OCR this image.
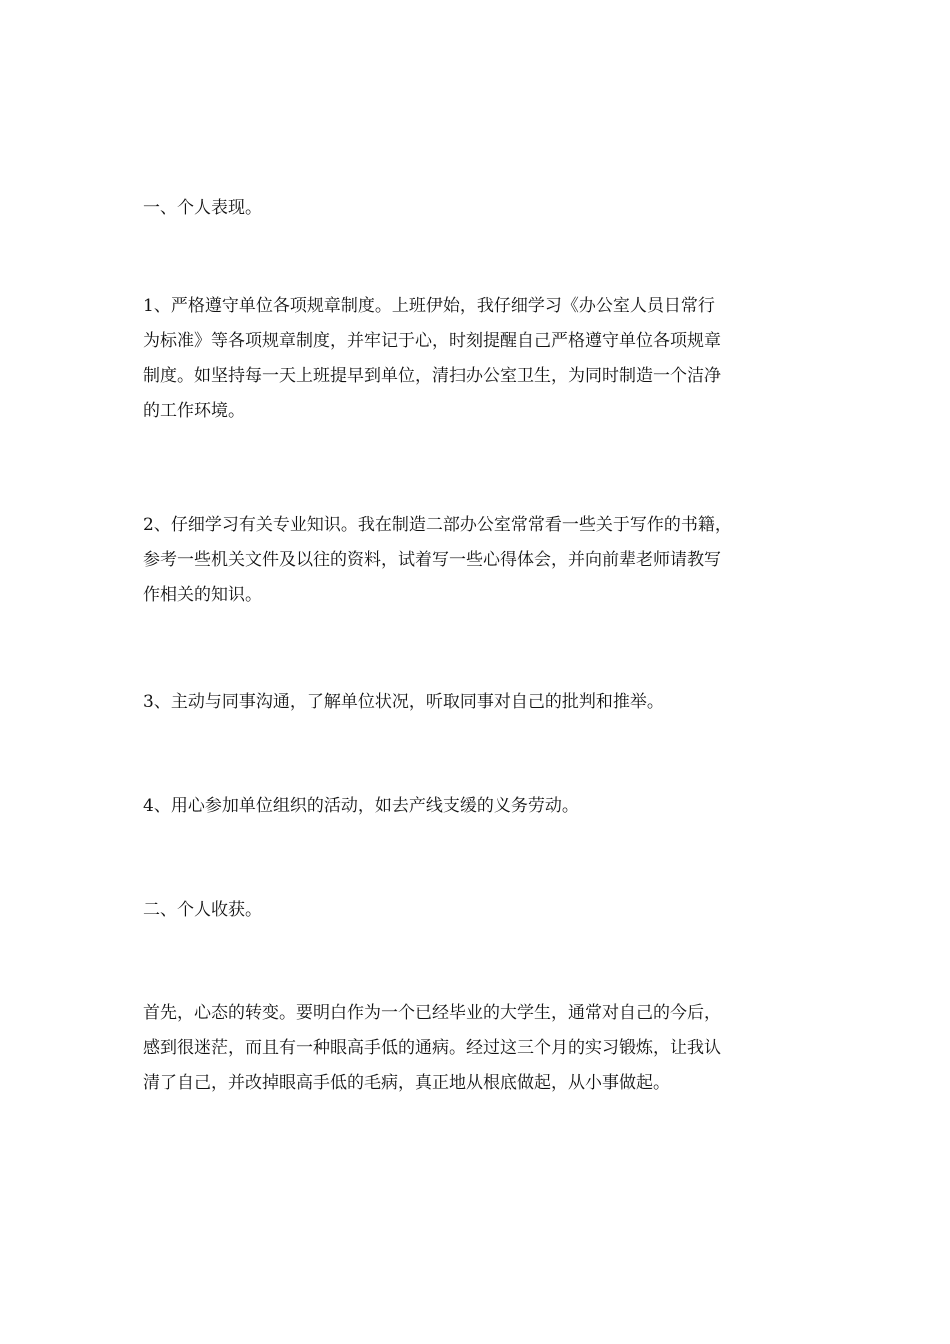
一、个人表现。
1、严格遵守单位各项规章制度。上班伊始，我仔细学习《办公室人员日常行
为标准》等各项规章制度，并牢记于心，时刻提醒自己严格遵守单位各项规章
制度。如坚持每一天上班提早到单位，清扫办公室卫生，为同时制造一个洁净
的工作环境。
2、仔细学习有关专业知识。我在制造二部办公室常常看一些关于写作的书籍，
参考一些机关文件及以往的资料，试着写一些心得体会，并向前辈老师请教写
作相关的知识。
3、主动与同事沟通，了解单位状况，听取同事对自己的批判和推举。
4、用心参加单位组织的活动，如去产线支缓的义务劳动。
二、个人收获。
首先，心态的转变。要明白作为一个已经毕业的大学生，通常对自己的今后，
感到很迷茫，而且有一种眼高手低的通病。经过这三个月的实习锻炼，让我认
清了自己，并改掉眼高手低的毛病，真正地从根底做起，从小事做起。
